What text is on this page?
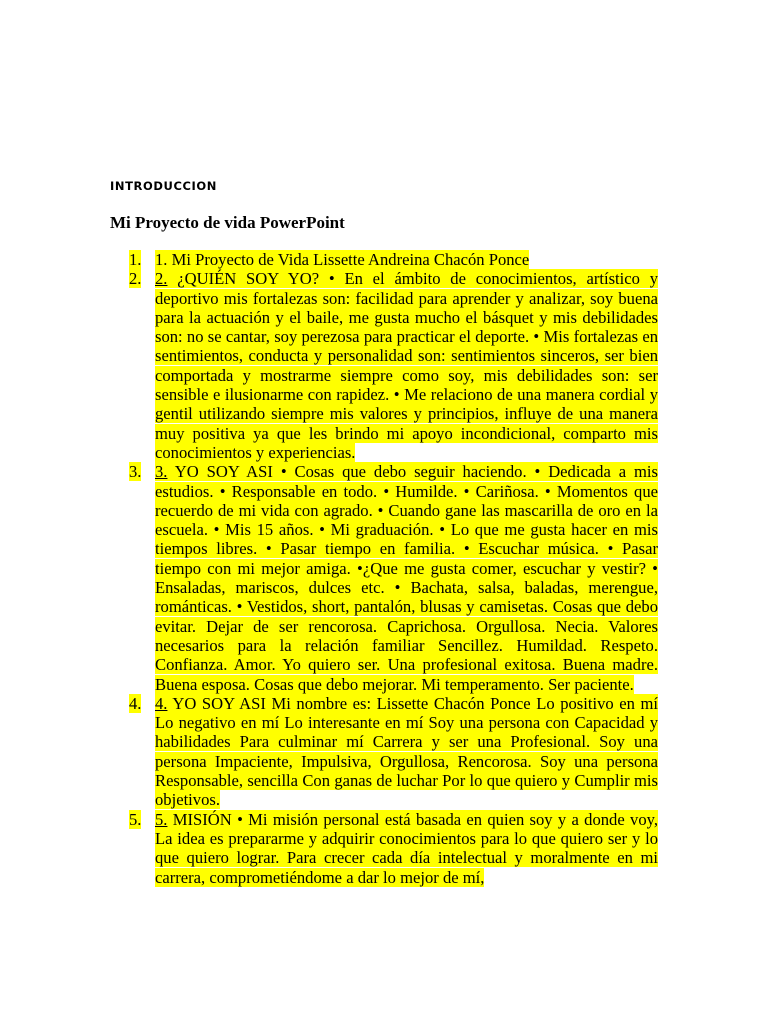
INTRODUCCION
Mi Proyecto de vida PowerPoint
1. 1. Mi Proyecto de Vida Lissette Andreina Chacón Ponce
2. 2. ¿QUIÉN SOY YO? • En el ámbito de conocimientos, artístico y deportivo mis fortalezas son: facilidad para aprender y analizar, soy buena para la actuación y el baile, me gusta mucho el básquet y mis debilidades son: no se cantar, soy perezosa para practicar el deporte. • Mis fortalezas en sentimientos, conducta y personalidad son: sentimientos sinceros, ser bien comportada y mostrarme siempre como soy, mis debilidades son: ser sensible e ilusionarme con rapidez. • Me relaciono de una manera cordial y gentil utilizando siempre mis valores y principios, influye de una manera muy positiva ya que les brindo mi apoyo incondicional, comparto mis conocimientos y experiencias.
3. 3. YO SOY ASI • Cosas que debo seguir haciendo. • Dedicada a mis estudios. • Responsable en todo. • Humilde. • Cariñosa. • Momentos que recuerdo de mi vida con agrado. • Cuando gane las mascarilla de oro en la escuela. • Mis 15 años. • Mi graduación. • Lo que me gusta hacer en mis tiempos libres. • Pasar tiempo en familia. • Escuchar música. • Pasar tiempo con mi mejor amiga. •¿Que me gusta comer, escuchar y vestir? • Ensaladas, mariscos, dulces etc. • Bachata, salsa, baladas, merengue, románticas. • Vestidos, short, pantalón, blusas y camisetas. Cosas que debo evitar. Dejar de ser rencorosa. Caprichosa. Orgullosa. Necia. Valores necesarios para la relación familiar Sencillez. Humildad. Respeto. Confianza. Amor. Yo quiero ser. Una profesional exitosa. Buena madre. Buena esposa. Cosas que debo mejorar. Mi temperamento. Ser paciente.
4. 4. YO SOY ASI Mi nombre es: Lissette Chacón Ponce Lo positivo en mí Lo negativo en mí Lo interesante en mí Soy una persona con Capacidad y habilidades Para culminar mí Carrera y ser una Profesional. Soy una persona Impaciente, Impulsiva, Orgullosa, Rencorosa. Soy una persona Responsable, sencilla Con ganas de luchar Por lo que quiero y Cumplir mis objetivos.
5. 5. MISIÓN • Mi misión personal está basada en quien soy y a donde voy, La idea es prepararme y adquirir conocimientos para lo que quiero ser y lo que quiero lograr. Para crecer cada día intelectual y moralmente en mi carrera, comprometiéndome a dar lo mejor de mí,
